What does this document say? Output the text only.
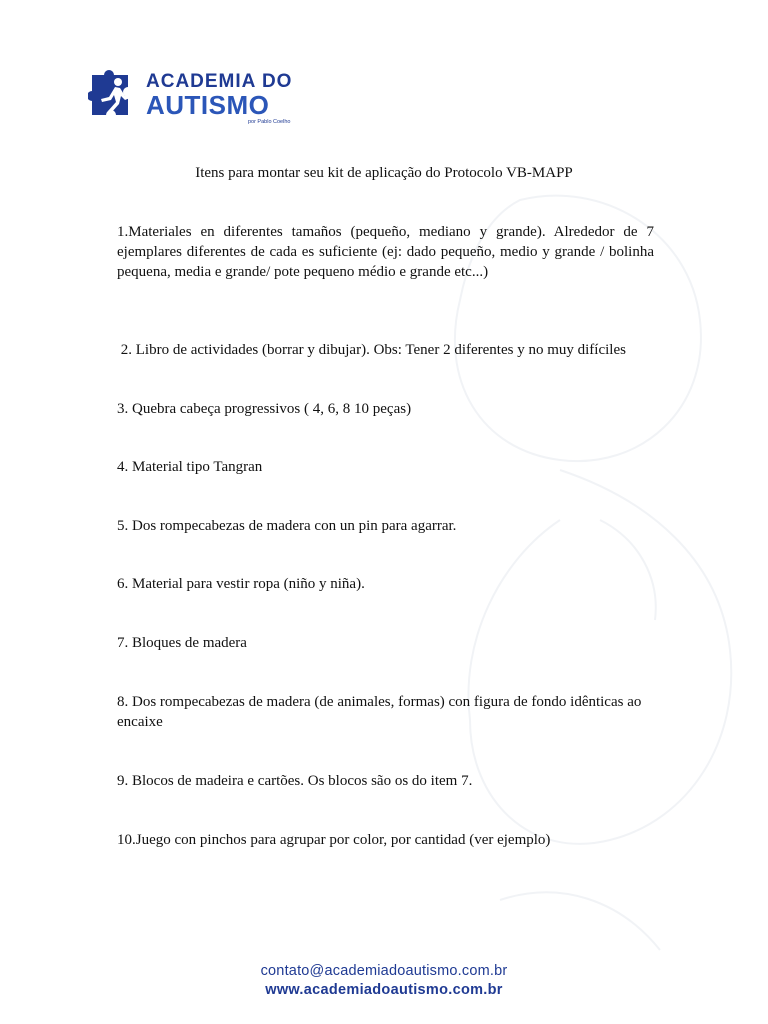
ACADEMIA DO
AUTISMO
por Pablo Coelho
Itens para montar seu kit de aplicação do Protocolo VB-MAPP
1.Materiales en diferentes tamaños (pequeño, mediano y grande). Alrededor de 7 ejemplares diferentes de cada es suficiente (ej: dado pequeño, medio y grande / bolinha pequena, media e grande/ pote pequeno médio e grande etc...)
2. Libro de actividades (borrar y dibujar). Obs: Tener 2 diferentes y no muy difíciles
3. Quebra cabeça progressivos ( 4, 6, 8 10 peças)
4. Material tipo Tangran
5. Dos rompecabezas de madera con un pin para agarrar.
6. Material para vestir ropa (niño y niña).
7. Bloques de madera
8. Dos rompecabezas de madera (de animales, formas) con figura de fondo idênticas ao encaixe
9. Blocos de madeira e cartões. Os blocos são os do item 7.
10.Juego con pinchos para agrupar por color, por cantidad (ver ejemplo)
contato@academiadoautismo.com.br
www.academiadoautismo.com.br
